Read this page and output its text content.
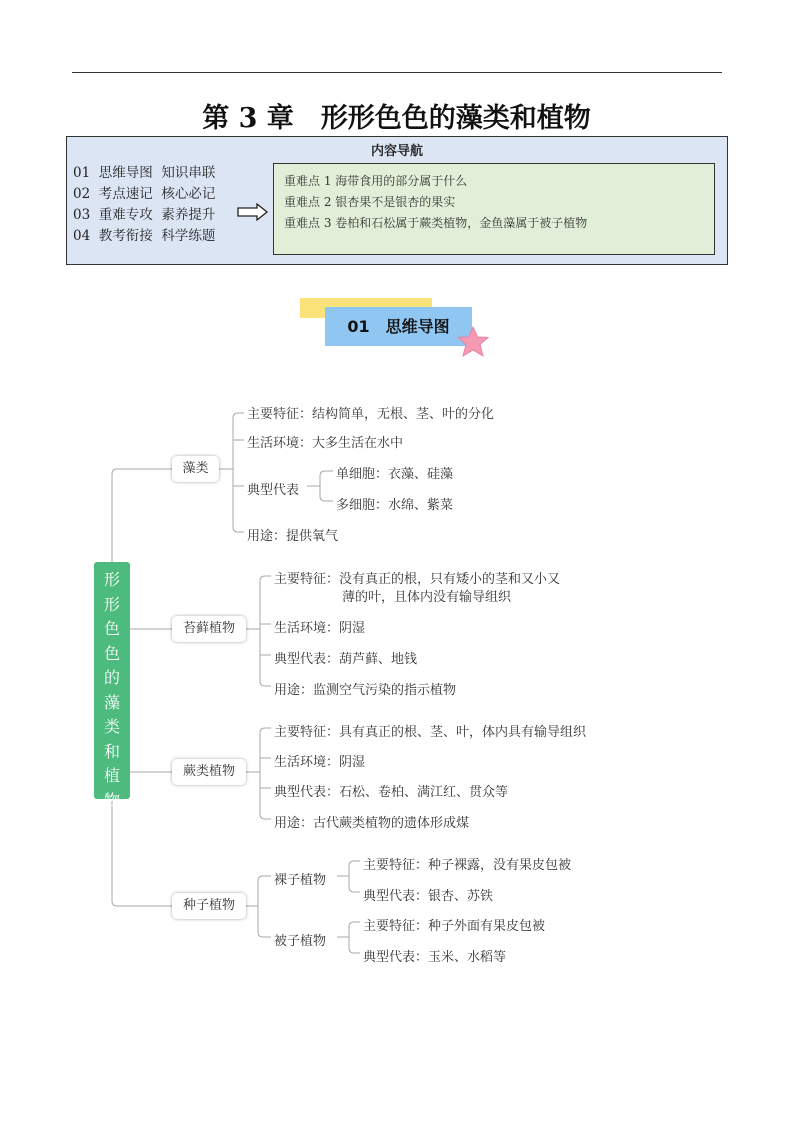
第 3 章　形形色色的藻类和植物
内容导航
01  思维导图  知识串联
02  考点速记  核心必记
03  重难专攻  素养提升
04  教考衔接  科学练题
重难点 1 海带食用的部分属于什么
重难点 2 银杏果不是银杏的果实
重难点 3 卷柏和石松属于蕨类植物，金鱼藻属于被子植物
01　思维导图
形
形
色
色
的
藻
类
和
植
物
藻类
主要特征：结构简单，无根、茎、叶的分化
生活环境：大多生活在水中
典型代表
单细胞：衣藻、硅藻
多细胞：水绵、紫菜
用途：提供氧气
苔藓植物
主要特征：没有真正的根，只有矮小的茎和又小又
薄的叶，且体内没有输导组织
生活环境：阴湿
典型代表：葫芦藓、地钱
用途：监测空气污染的指示植物
蕨类植物
主要特征：具有真正的根、茎、叶，体内具有输导组织
生活环境：阴湿
典型代表：石松、卷柏、满江红、贯众等
用途：古代蕨类植物的遗体形成煤
种子植物
裸子植物
主要特征：种子裸露，没有果皮包被
典型代表：银杏、苏铁
被子植物
主要特征：种子外面有果皮包被
典型代表：玉米、水稻等
